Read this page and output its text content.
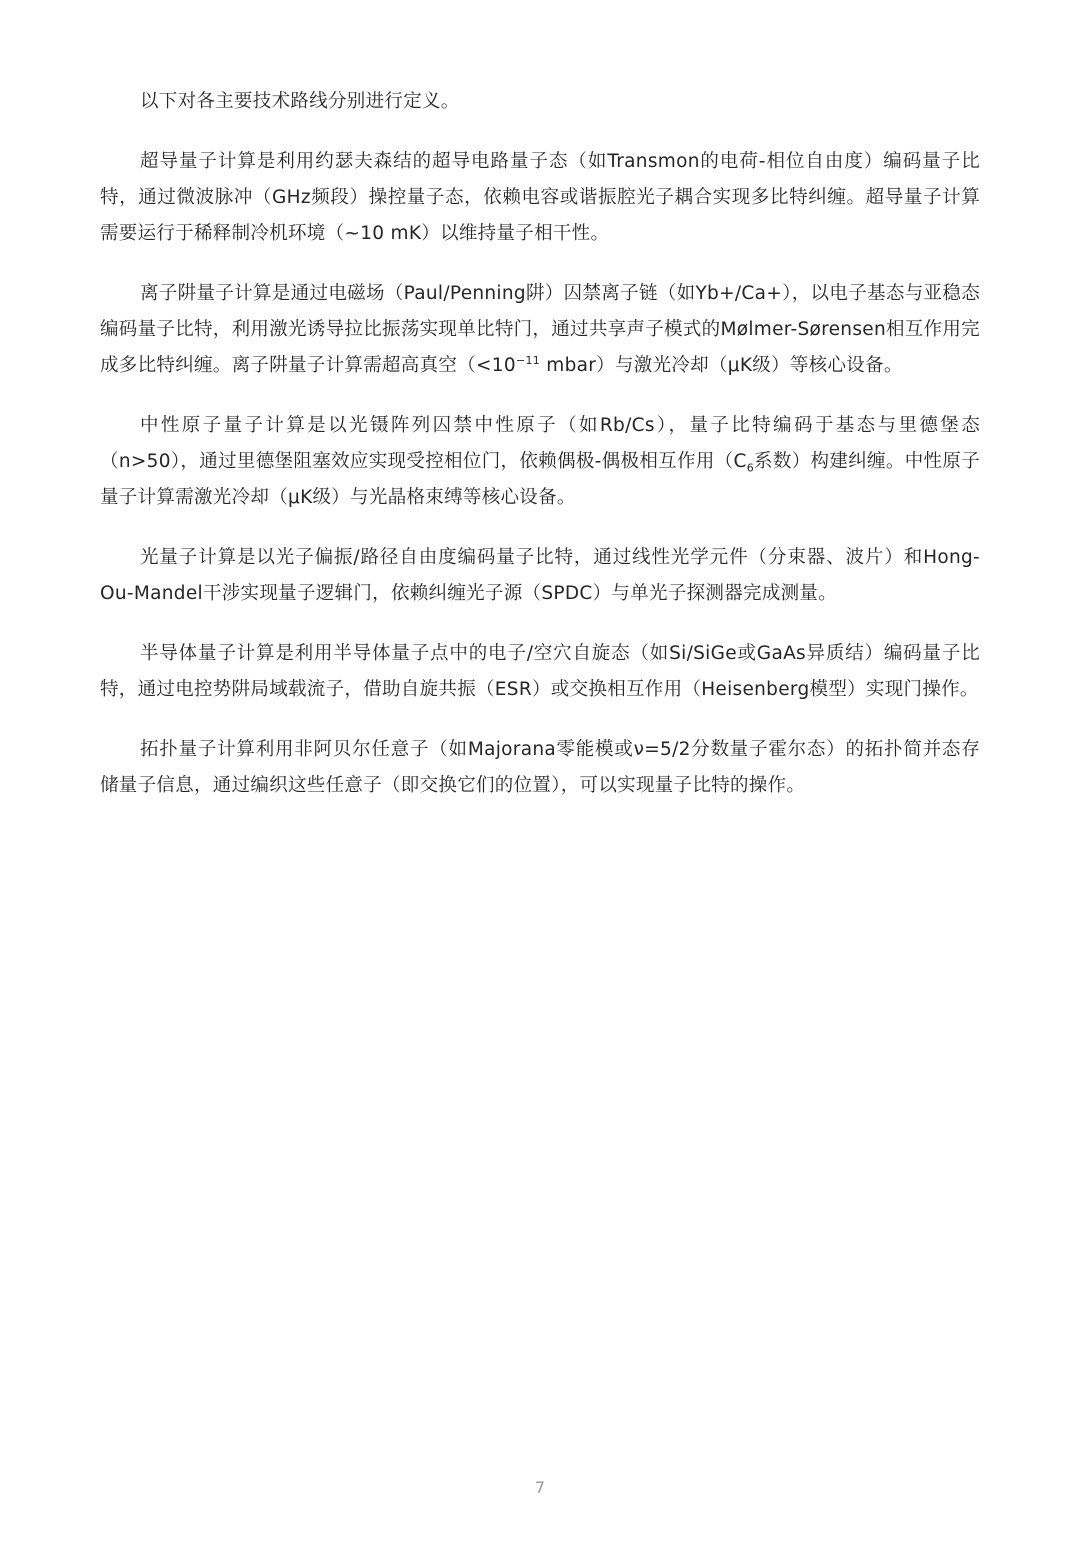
以下对各主要技术路线分别进行定义。

超导量子计算是利用约瑟夫森结的超导电路量子态（如Transmon的电荷-相位自由度）编码量子比特，通过微波脉冲（GHz频段）操控量子态，依赖电容或谐振腔光子耦合实现多比特纠缠。超导量子计算需要运行于稀释制冷机环境（~10 mK）以维持量子相干性。

离子阱量子计算是通过电磁场（Paul/Penning阱）囚禁离子链（如Yb+/Ca+），以电子基态与亚稳态编码量子比特，利用激光诱导拉比振荡实现单比特门，通过共享声子模式的Mølmer-Sørensen相互作用完成多比特纠缠。离子阱量子计算需超高真空（$<10^{-11}$ mbar）与激光冷却（μK级）等核心设备。

中性原子量子计算是以光镊阵列囚禁中性原子（如Rb/Cs），量子比特编码于基态与里德堡态（n>50），通过里德堡阻塞效应实现受控相位门，依赖偶极-偶极相互作用（$C_6$系数）构建纠缠。中性原子量子计算需激光冷却（μK级）与光晶格束缚等核心设备。

光量子计算是以光子偏振/路径自由度编码量子比特，通过线性光学元件（分束器、波片）和Hong-Ou-Mandel干涉实现量子逻辑门，依赖纠缠光子源（SPDC）与单光子探测器完成测量。

半导体量子计算是利用半导体量子点中的电子/空穴自旋态（如Si/SiGe或GaAs异质结）编码量子比特，通过电控势阱局域载流子，借助自旋共振（ESR）或交换相互作用（Heisenberg模型）实现门操作。

拓扑量子计算利用非阿贝尔任意子（如Majorana零能模或ν=5/2分数量子霍尔态）的拓扑简并态存储量子信息，通过编织这些任意子（即交换它们的位置），可以实现量子比特的操作。

7
